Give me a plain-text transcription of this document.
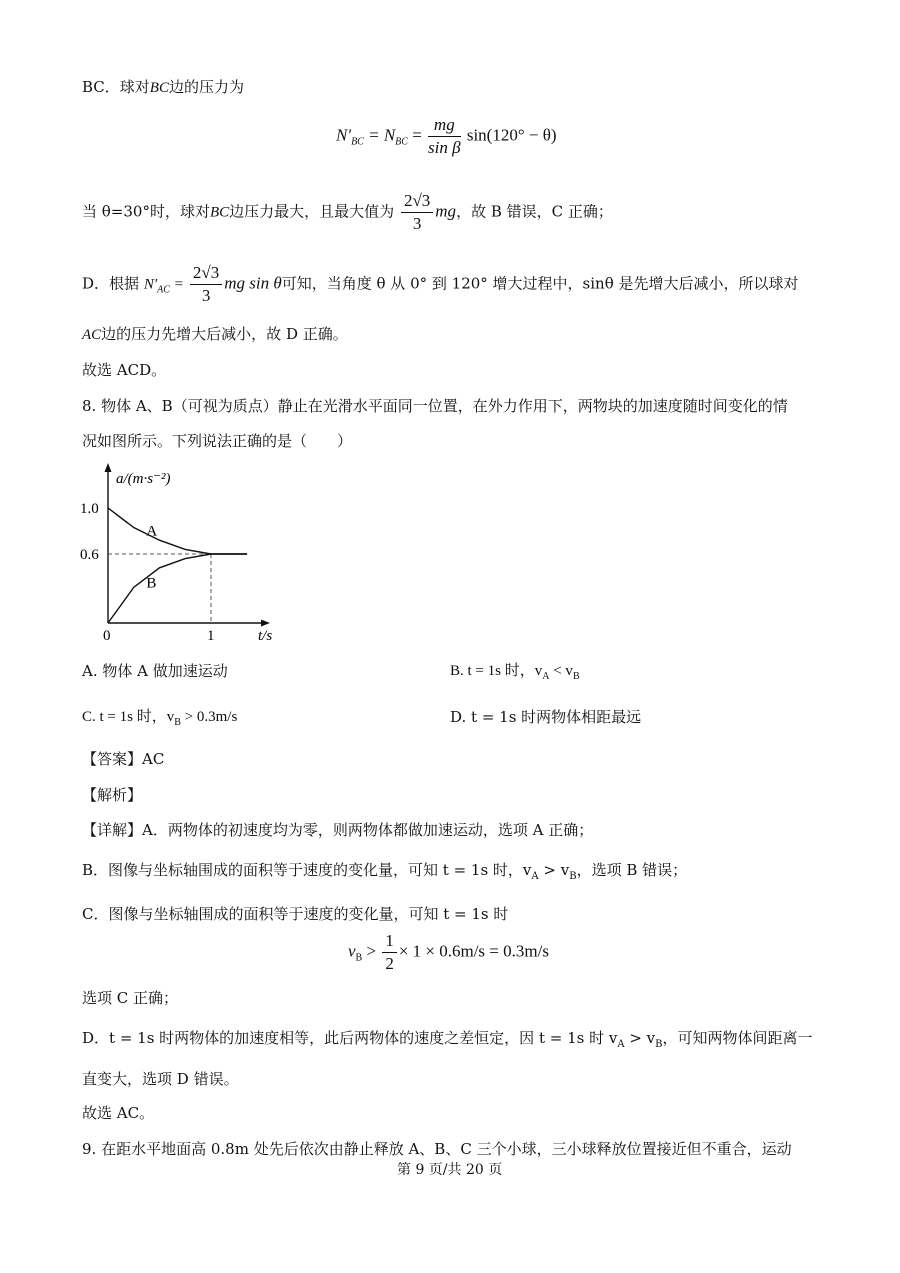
BC．球对BC边的压力为
$N'_{BC} = N_{BC} = \frac{mg}{\text{sin β}} \sin(120^\circ - \theta)$
当 θ=30°时，球对BC边压力最大，且最大值为 $\frac{2√3}{3}$ mg，故 B 错误，C 正确；
D．根据 $N'_{AC} = \frac{2√3}{3}$ mg sin θ可知，当角度 θ 从 0° 到 120° 增大过程中，sinθ 是先增大后减小，所以球对
AC边的压力先增大后减小，故 D 正确。
故选 ACD。
8. 物体 A、B（可视为质点）静止在光滑水平面同一位置，在外力作用下，两物块的加速度随时间变化的情
况如图所示。下列说法正确的是（　　）
A
B
1.0
0.6
0	1	t/s
a/(m·s⁻²)
A. 物体 A 做加速运动	B. t = 1s 时，$v_A < v_B$
C. t = 1s 时，$v_B > 0.3m/s$	D. t = 1s 时两物体相距最远
【答案】AC
【解析】
【详解】A．两物体的初速度均为零，则两物体都做加速运动，选项 A 正确；
B．图像与坐标轴围成的面积等于速度的变化量，可知 t = 1s 时，$v_A > v_B$，选项 B 错误；
C．图像与坐标轴围成的面积等于速度的变化量，可知 t = 1s 时
$v_B > \frac{1}{2} \times 1 \times 0.6m/s = 0.3m/s$
选项 C 正确；
D．t = 1s 时两物体的加速度相等，此后两物体的速度之差恒定，因 t = 1s 时 $v_A > v_B$，可知两物体间距离一
直变大，选项 D 错误。
故选 AC。
9. 在距水平地面高 0.8m 处先后依次由静止释放 A、B、C 三个小球，三小球释放位置接近但不重合，运动
第 9 页/共 20 页
